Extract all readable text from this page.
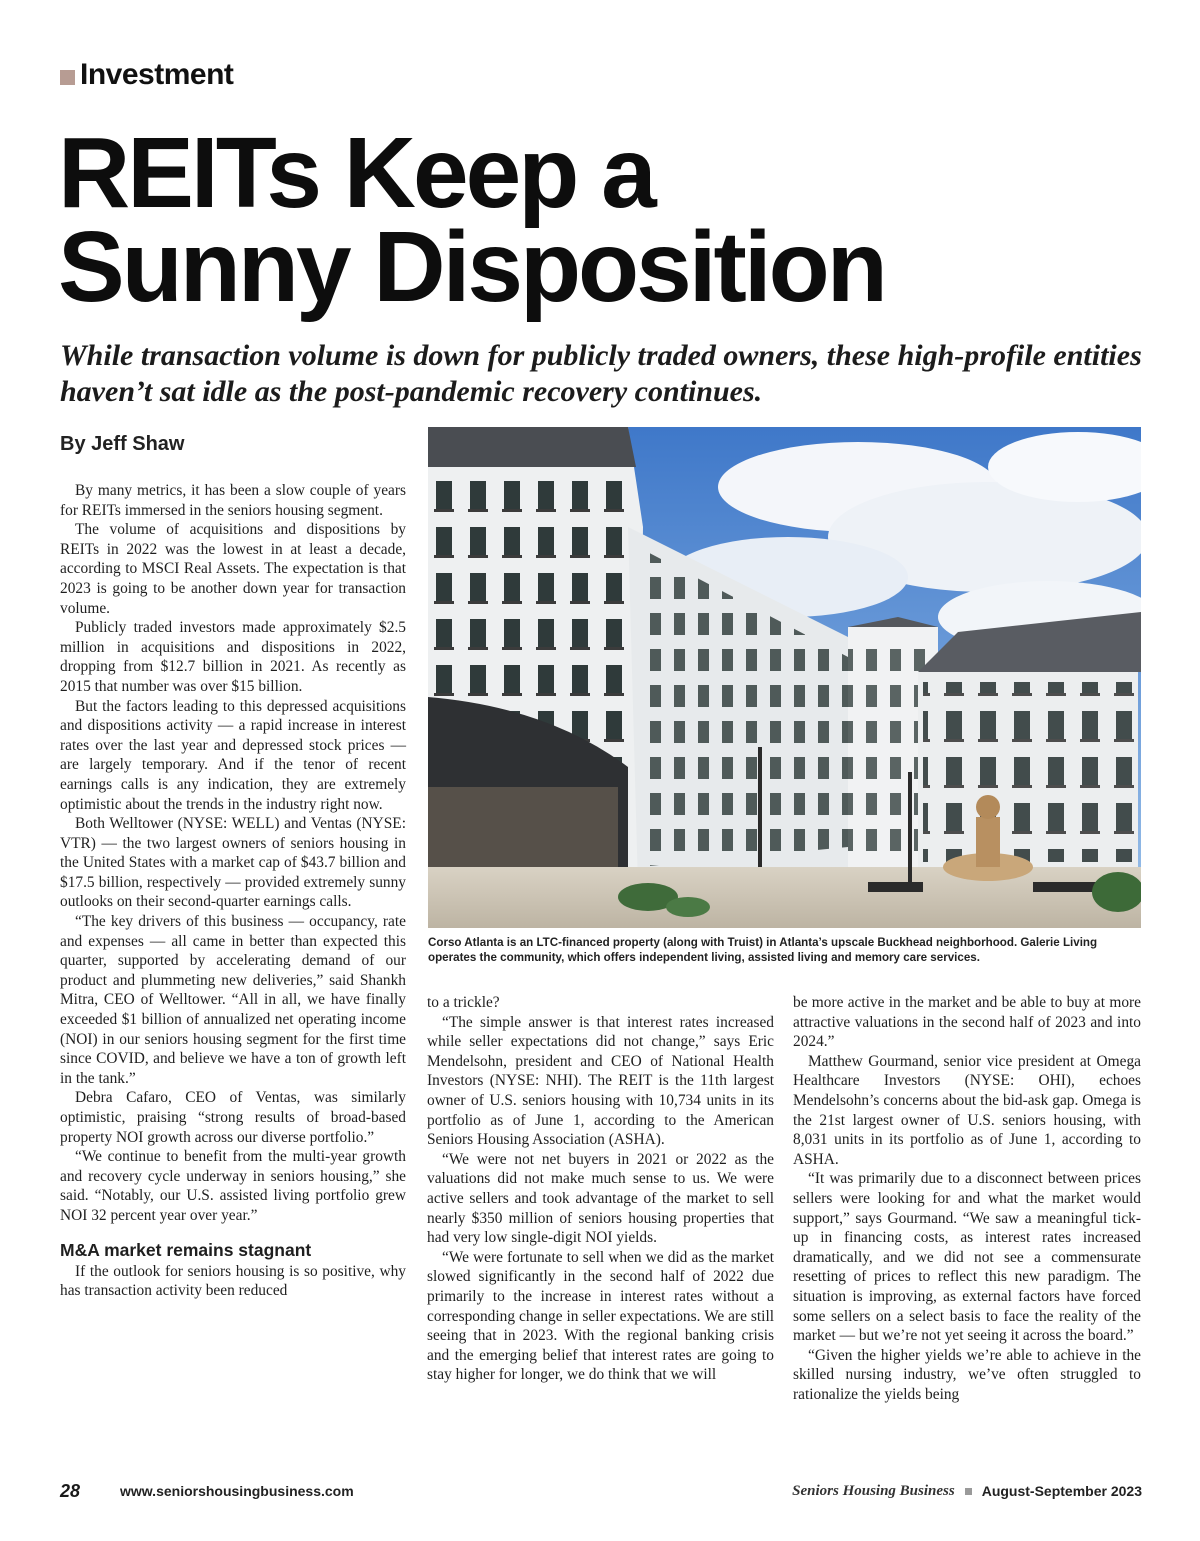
Investment
REITs Keep a
Sunny Disposition

While transaction volume is down for publicly traded owners, these high-profile entities haven’t sat idle as the post-pandemic recovery continues.

By Jeff Shaw

By many metrics, it has been a slow couple of years for REITs immersed in the seniors housing segment.

The volume of acquisitions and dispositions by REITs in 2022 was the lowest in at least a decade, according to MSCI Real Assets. The expectation is that 2023 is going to be another down year for transaction volume.

Publicly traded investors made approximately $2.5 million in acquisitions and dispositions in 2022, dropping from $12.7 billion in 2021. As recently as 2015 that number was over $15 billion.

But the factors leading to this depressed acquisitions and dispositions activity — a rapid increase in interest rates over the last year and depressed stock prices — are largely temporary. And if the tenor of recent earnings calls is any indication, they are extremely optimistic about the trends in the industry right now.

Both Welltower (NYSE: WELL) and Ventas (NYSE: VTR) — the two largest owners of seniors housing in the United States with a market cap of $43.7 billion and $17.5 billion, respectively — provided extremely sunny outlooks on their second-quarter earnings calls.

“The key drivers of this business — occupancy, rate and expenses — all came in better than expected this quarter, supported by accelerating demand of our product and plummeting new deliveries,” said Shankh Mitra, CEO of Welltower. “All in all, we have finally exceeded $1 billion of annualized net operating income (NOI) in our seniors housing segment for the first time since COVID, and believe we have a ton of growth left in the tank.”

Debra Cafaro, CEO of Ventas, was similarly optimistic, praising “strong results of broad-based property NOI growth across our diverse portfolio.”

“We continue to benefit from the multi-year growth and recovery cycle underway in seniors housing,” she said. “Notably, our U.S. assisted living portfolio grew NOI 32 percent year over year.”

M&A market remains stagnant

If the outlook for seniors housing is so positive, why has transaction activity been reduced

Corso Atlanta is an LTC-financed property (along with Truist) in Atlanta’s upscale Buckhead neighborhood. Galerie Living operates the community, which offers independent living, assisted living and memory care services.

to a trickle?

“The simple answer is that interest rates increased while seller expectations did not change,” says Eric Mendelsohn, president and CEO of National Health Investors (NYSE: NHI). The REIT is the 11th largest owner of U.S. seniors housing with 10,734 units in its portfolio as of June 1, according to the American Seniors Housing Association (ASHA).

“We were not net buyers in 2021 or 2022 as the valuations did not make much sense to us. We were active sellers and took advantage of the market to sell nearly $350 million of seniors housing properties that had very low single-digit NOI yields.

“We were fortunate to sell when we did as the market slowed significantly in the second half of 2022 due primarily to the increase in interest rates without a corresponding change in seller expectations. We are still seeing that in 2023. With the regional banking crisis and the emerging belief that interest rates are going to stay higher for longer, we do think that we will

be more active in the market and be able to buy at more attractive valuations in the second half of 2023 and into 2024.”

Matthew Gourmand, senior vice president at Omega Healthcare Investors (NYSE: OHI), echoes Mendelsohn’s concerns about the bid-ask gap. Omega is the 21st largest owner of U.S. seniors housing, with 8,031 units in its portfolio as of June 1, according to ASHA.

“It was primarily due to a disconnect between prices sellers were looking for and what the market would support,” says Gourmand. “We saw a meaningful tick-up in financing costs, as interest rates increased dramatically, and we did not see a commensurate resetting of prices to reflect this new paradigm. The situation is improving, as external factors have forced some sellers on a select basis to face the reality of the market — but we’re not yet seeing it across the board.”

“Given the higher yields we’re able to achieve in the skilled nursing industry, we’ve often struggled to rationalize the yields being

28	www.seniorshousingbusiness.com	Seniors Housing Business August-September 2023
